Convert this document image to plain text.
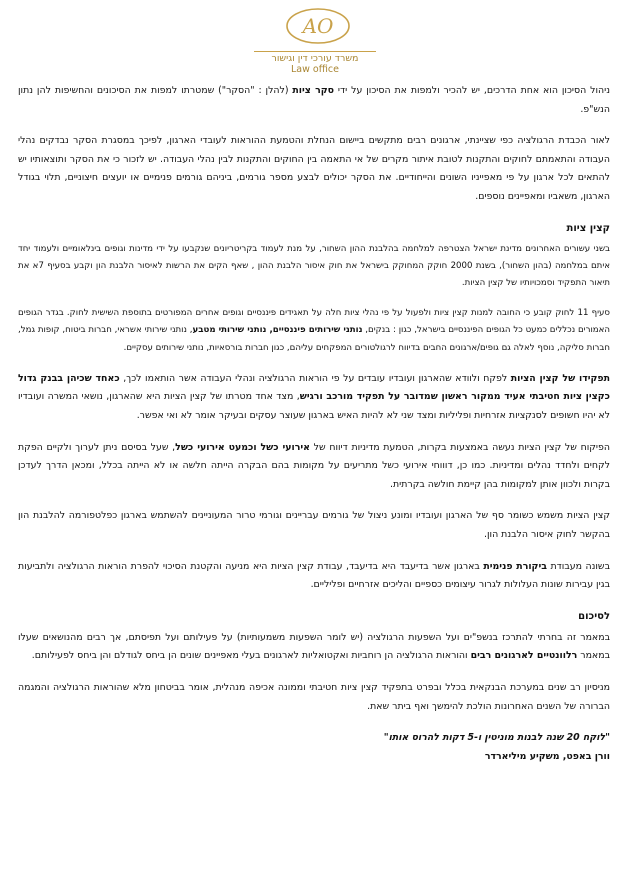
AO
משרד עורכי דין וגישור
Law office

ניהול הסיכון הוא אחת הדרכים, יש להכיר ולמפות את הסיכון על ידי סקר ציות (להלן : "הסקר") שמטרתו למפות את הסיכונים והחשיפות להן נתון הנש"פ.

לאור הכבדת הרגולציה כפי שציינתי, ארגונים רבים מתקשים ביישום הנחלת והטמעת ההוראות לעובדי הארגון, לפיכך במסגרת הסקר נבדקים נהלי העבודה והתאמתם לחוקים והתקנות לטובת איתור מקרים של אי התאמה בין החוקים והתקנות לבין נהלי העבודה. יש לזכור כי את הסקר ותוצאותיו יש להתאים לכל ארגון על פי מאפייניו השונים והייחודיים. את הסקר יכולים לבצע מספר גורמים, ביניהם גורמים פנימיים או יועצים חיצוניים, תלוי בגודל הארגון, משאביו ומאפיינים נוספים.

קצין ציות

בשני עשורים האחרונים מדינת ישראל הצטרפה למלחמה בהלבנת ההון השחור, על מנת לעמוד בקריטריונים שנקבעו על ידי מדינות וגופים בינלאומיים ולעמוד יחד איתם במלחמה (בהון השחור), בשנת 2000 חוקק המחוקק בישראל את חוק איסור הלבנת ההון , שאף הקים את הרשות לאיסור הלבנת הון וקבע בסעיף 7א את תיאור התפקיד וסמכויותיו של קצין הציות.

סעיף 11 לחוק קובע כי החובה למנות קצין ציות ולפעול על פי נהלי ציות חלה על תאגידים פיננסיים וגופים אחרים המפורטים בתוספת השישית לחוק. בגדר הגופים האמורים נכללים כמעט כל הגופים הפיננסיים בישראל, כגון : בנקים, נותני שירותים פיננסיים, נותני שירותי מטבע, נותני שירותי אשראי, חברות ביטוח, קופות גמל, חברות סליקה, נוסף לאלה גם גופים/ארגונים החבים בדיווח לרגולטורים המפקחים עליהם, כגון חברות בורסאיות, נותני שירותים עסקיים.

תפקידו של קצין הציות לפקח ולוודא שהארגון ועובדיו עובדים על פי הוראות הרגולציה ונהלי העבודה אשר הותאמו לכך, כאחד שכיהן בבנק גדול כקצין ציות חטיבתי אעיד ממקור ראשון שמדובר על תפקיד מורכב ורגיש, מצד אחד מטרתו של קצין הציות היא שהארגון, נושאי המשרה ועובדיו לא יהיו חשופים לסנקציות אזרחיות ופליליות ומצד שני לא להיות האיש בארגון שעוצר עסקים ובעיקר אומר לא ואי אפשר.

הפיקוח של קצין הציות נעשה באמצעות בקרות, הטמעת מדיניות דיווח של אירועי כשל וכמעט אירועי כשל, שעל בסיסם ניתן לערוך ולקיים הפקת לקחים ולחדד נהלים ומדיניות. כמו כן, דוווחי אירועי כשל מתריעים על מקומות בהם הבקרה הייתה חלשה או לא הייתה בכלל, ומכאן הדרך לעדכן בקרות ולכוון אותן למקומות בהן קיימת חולשה בקרתית.

קצין הציות משמש כשומר סף של הארגון ועובדיו ומונע ניצול של גורמים עבריינים וגורמי טרור המעוניינים להשתמש בארגון כפלטפורמה להלבנת הון בהקשר לחוק איסור הלבנת הון.

בשונה מעבודת ביקורת פנימית בארגון אשר בדיעבד היא בדיעבד, עבודת קצין הציות היא מניעה והקטנת הסיכוי להפרת הוראות הרגולציה ולתביעות בגין עבירות שונות העלולות לגרור עיצומים כספיים והליכים אזרחיים ופליליים.

לסיכום

במאמר זה בחרתי להתרכז בנשפ"ים ועל השפעות הרגולציה (יש לומר השפעות משמעותיות) על פעילותם ועל תפיסתם, אך רבים מהנושאים שעלו במאמר רלוונטיים לארגונים רבים והוראות הרגולציה הן רוחביות ואקטואליות לארגונים בעלי מאפיינים שונים הן ביחס לגודלם והן ביחס לפעילותם.

מניסיון רב שנים במערכת הבנקאית בכלל ובפרט בתפקיד קצין ציות חטיבתי וממונה אכיפה מנהלית, אומר בביטחון מלא שהוראות הרגולציה והמגמה הברורה של השנים האחרונות הולכת להימשך ואף ביתר שאת.

"לוקח 20 שנה לבנות מוניטין ו-5 דקות להרוס אותו"

וורן באפט, משקיע מיליארדר
